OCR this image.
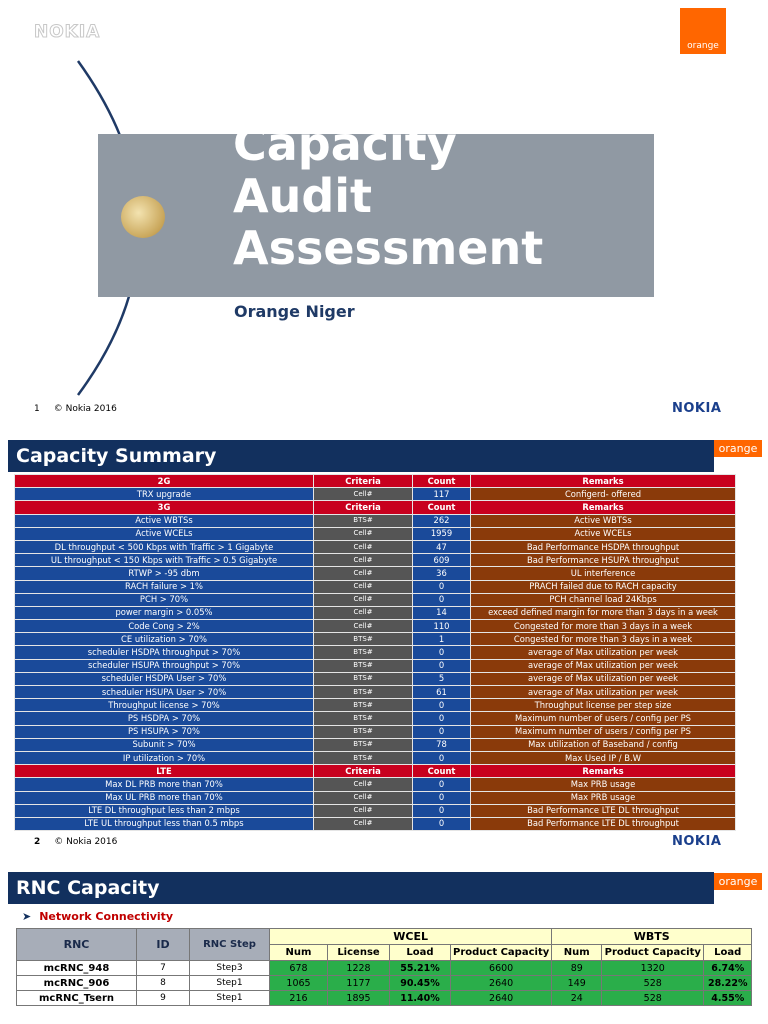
NOKIA
orange
Capacity
Audit
Assessment
Orange Niger
1 © Nokia 2016	NOKIA
Capacity Summary	orange
2G	Criteria	Count	Remarks
TRX upgrade	Cell#	117	Configerd- offered
3G	Criteria	Count	Remarks
Active WBTSs	BTS#	262	Active WBTSs
Active WCELs	Cell#	1959	Active WCELs
DL throughput < 500 Kbps with Traffic > 1 Gigabyte	Cell#	47	Bad Performance HSDPA throughput
UL throughput < 150 Kbps with Traffic > 0.5 Gigabyte	Cell#	609	Bad Performance HSUPA throughput
RTWP > -95 dbm	Cell#	36	UL interference
RACH failure > 1%	Cell#	0	PRACH failed due to RACH capacity
PCH > 70%	Cell#	0	PCH channel load 24Kbps
power margin > 0.05%	Cell#	14	exceed defined margin for more than 3 days in a week
Code Cong > 2%	Cell#	110	Congested for more than 3 days in a week
CE utilization > 70%	BTS#	1	Congested for more than 3 days in a week
scheduler HSDPA throughput > 70%	BTS#	0	average of Max utilization per week
scheduler HSUPA throughput > 70%	BTS#	0	average of Max utilization per week
scheduler HSDPA User > 70%	BTS#	5	average of Max utilization per week
scheduler HSUPA User > 70%	BTS#	61	average of Max utilization per week
Throughput license > 70%	BTS#	0	Throughput license per step size
PS HSDPA > 70%	BTS#	0	Maximum number of users / config per PS
PS HSUPA > 70%	BTS#	0	Maximum number of users / config per PS
Subunit > 70%	BTS#	78	Max utilization of Baseband / config
IP utilization > 70%	BTS#	0	Max Used IP / B.W
LTE	Criteria	Count	Remarks
Max DL PRB more than 70%	Cell#	0	Max PRB usage
Max UL PRB more than 70%	Cell#	0	Max PRB usage
LTE DL throughput less than 2 mbps	Cell#	0	Bad Performance LTE DL throughput
LTE UL throughput less than 0.5 mbps	Cell#	0	Bad Performance LTE DL throughput
2 © Nokia 2016	NOKIA
RNC Capacity	orange
➤ Network Connectivity
RNC	ID	RNC Step	WCEL				WBTS		
			Num	License	Load	Product Capacity	Num	Product Capacity	Load
mcRNC_948	7	Step3	678	1228	55.21%	6600	89	1320	6.74%
mcRNC_906	8	Step1	1065	1177	90.45%	2640	149	528	28.22%
mcRNC_Tsern	9	Step1	216	1895	11.40%	2640	24	528	4.55%
